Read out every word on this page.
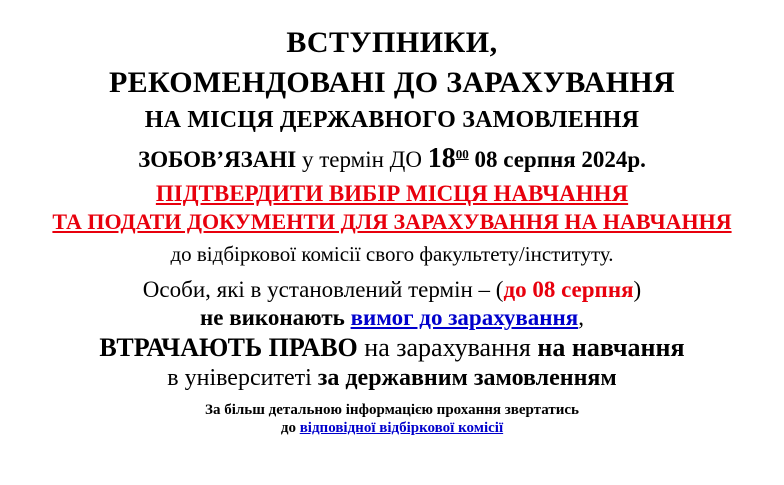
ВСТУПНИКИ,
РЕКОМЕНДОВАНІ ДО ЗАРАХУВАННЯ
НА МІСЦЯ ДЕРЖАВНОГО ЗАМОВЛЕННЯ
ЗОБОВ’ЯЗАНІ у термін ДО $18^{00}$ 08 серпня 2024р.
ПІДТВЕРДИТИ ВИБІР МІСЦЯ НАВЧАННЯ
ТА ПОДАТИ ДОКУМЕНТИ ДЛЯ ЗАРАХУВАННЯ НА НАВЧАННЯ
до відбіркової комісії свого факультету/інституту.
Особи, які в установлений термін – (до 08 серпня)
не виконають вимог до зарахування,
ВТРАЧАЮТЬ ПРАВО на зарахування на навчання
в університеті за державним замовленням
За більш детальною інформацією прохання звертатись
до відповідної відбіркової комісії
